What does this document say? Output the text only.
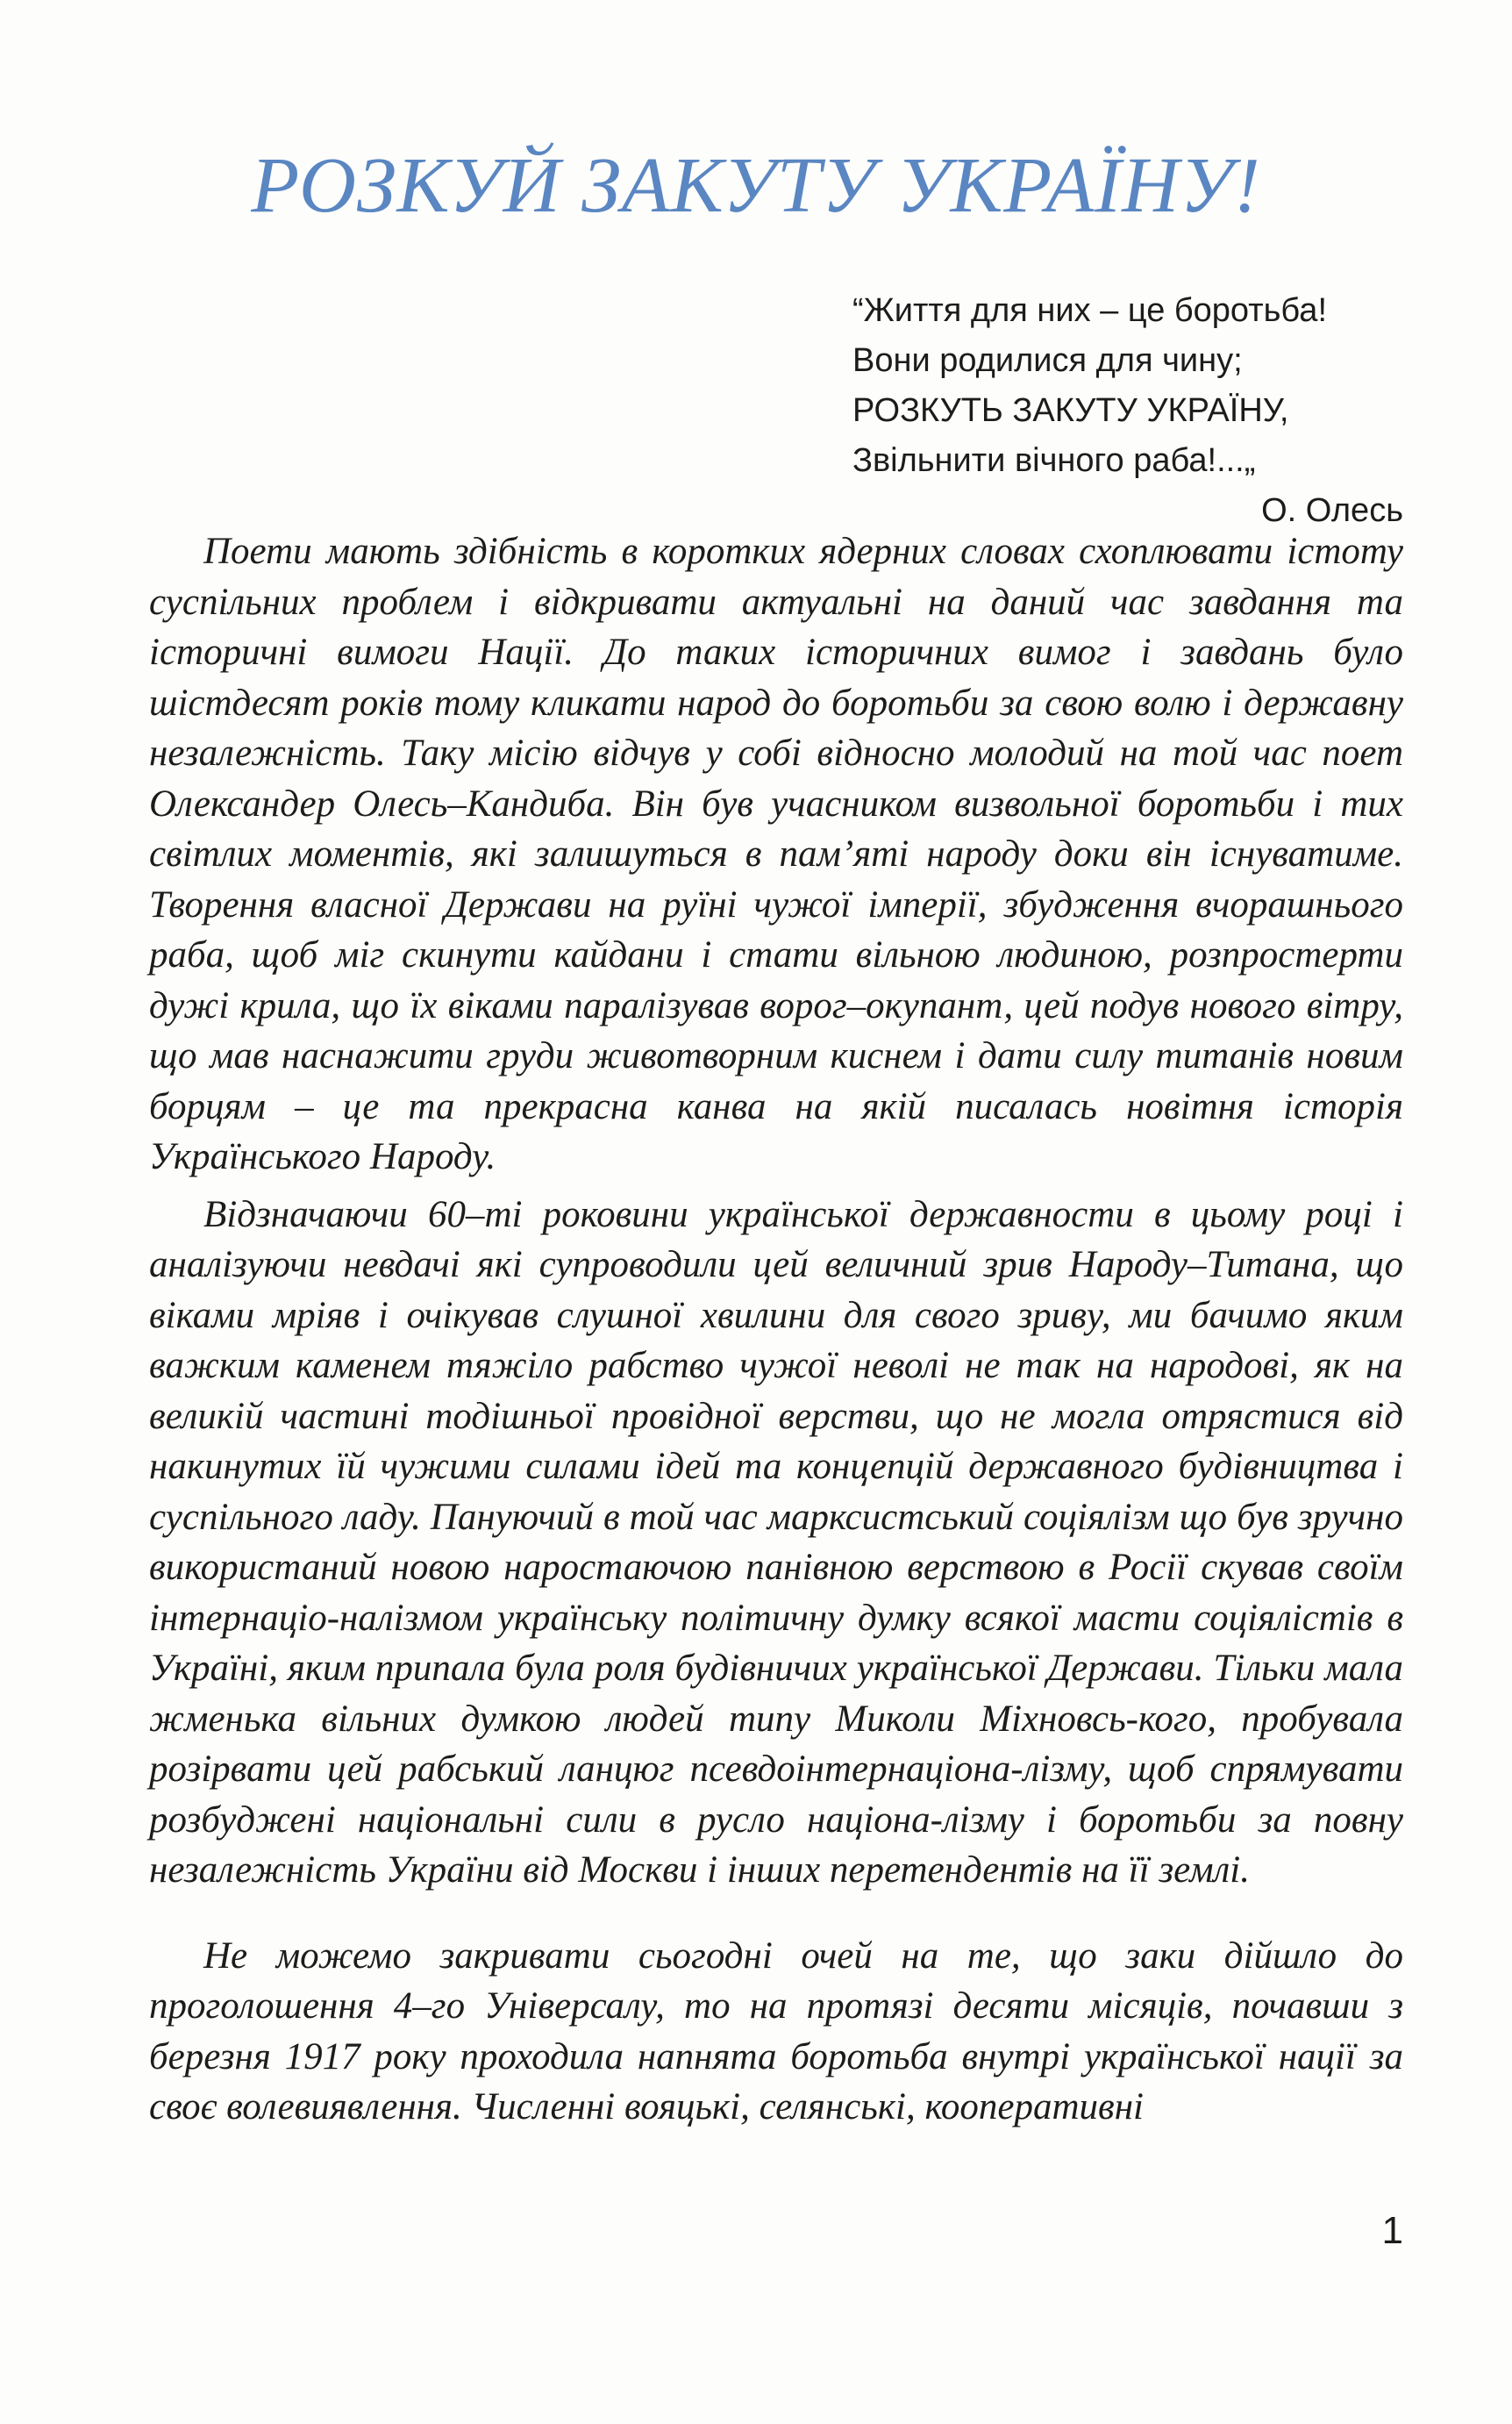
РОЗКУЙ ЗАКУТУ УКРАЇНУ!
“Життя для них – це боротьба!
Вони родилися для чину;
РОЗКУТЬ ЗАКУТУ УКРАЇНУ,
Звільнити вічного раба!...„
О. Олесь

Поети мають здібність в коротких ядерних словах схоплювати істоту суспільних проблем і відкривати актуальні на даний час завдання та історичні вимоги Нації. До таких історичних вимог і завдань було шістдесят років тому кликати народ до боротьби за свою волю і державну незалежність. Таку місію відчув у собі відносно молодий на той час поет Олександер Олесь–Кандиба. Він був учасником визвольної боротьби і тих світлих моментів, які залишуться в пам’яті народу доки він існуватиме. Творення власної Держави на руїні чужої імперії, збудження вчорашнього раба, щоб міг скинути кайдани і стати вільною людиною, розпростерти дужі крила, що їх віками паралізував ворог–окупант, цей подув нового вітру, що мав наснажити груди животворним киснем і дати силу титанів новим борцям – це та прекрасна канва на якій писалась новітня історія Українського Народу.

Відзначаючи 60–ті роковини української державности в цьому році і аналізуючи невдачі які супроводили цей величний зрив Народу–Титана, що віками мріяв і очікував слушної хвилини для свого зриву, ми бачимо яким важким каменем тяжіло рабство чужої неволі не так на народові, як на великій частині тодішньої провідної верстви, що не могла отрястися від накинутих їй чужими силами ідей та концепцій державного будівництва і суспільного ладу. Пануючий в той час марксистський соціялізм що був зручно використаний новою наростаючою панівною верствою в Росії скував своїм інтернаціо-налізмом українську політичну думку всякої масти соціялістів в Україні, яким припала була роля будівничих української Держави. Тільки мала жменька вільних думкою людей типу Миколи Міхновсь-кого, пробувала розірвати цей рабський ланцюг псевдоінтернаціона-лізму, щоб спрямувати розбуджені національні сили в русло націона-лізму і боротьби за повну незалежність України від Москви і інших перетендентів на її землі.

Не можемо закривати сьогодні очей на те, що заки дійшло до проголошення 4–го Універсалу, то на протязі десяти місяців, почавши з березня 1917 року проходила напнята боротьба внутрі української нації за своє волевиявлення. Численні вояцькі, селянські, кооперативні

1
